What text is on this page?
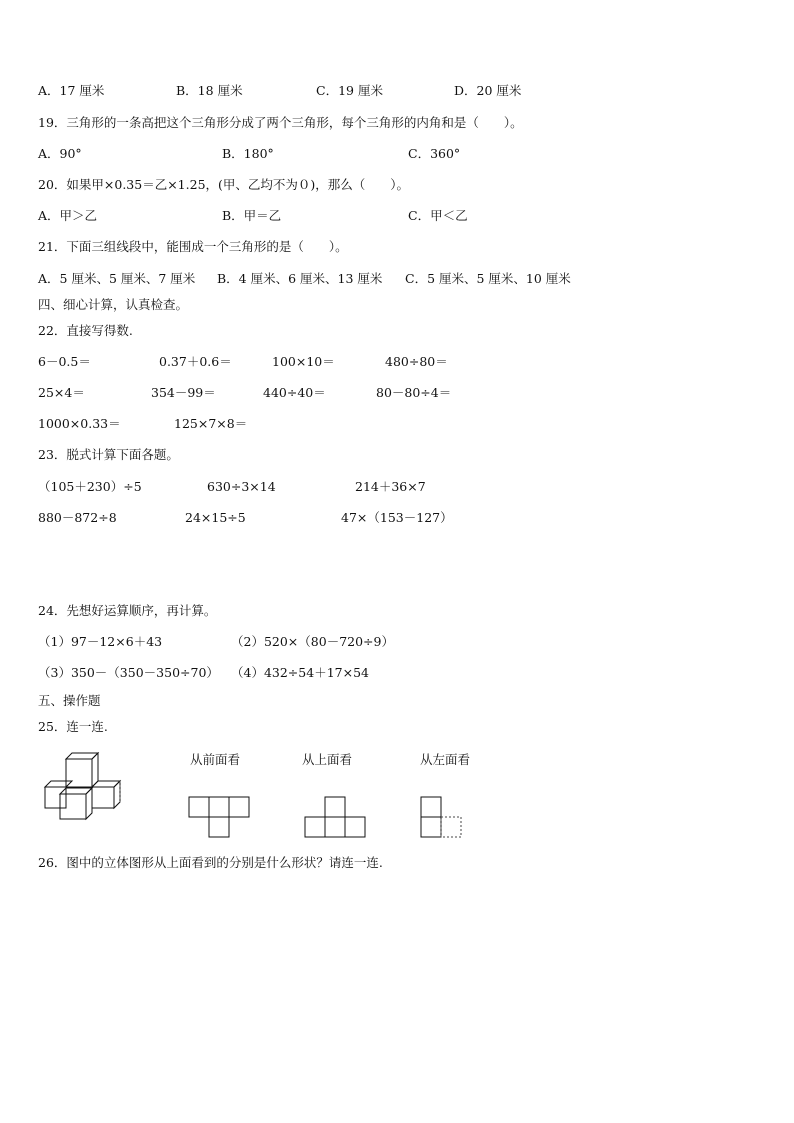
A．17 厘米	B．18 厘米	C．19 厘米	D．20 厘米
19．三角形的一条高把这个三角形分成了两个三角形，每个三角形的内角和是（　　）。
A．90°	B．180°	C．360°
20．如果甲×0.35＝乙×1.25，(甲、乙均不为０)，那么（　　）。
A．甲＞乙	B．甲＝乙	C．甲＜乙
21．下面三组线段中，能围成一个三角形的是（　　）。
A．5 厘米、5 厘米、7 厘米 B．4 厘米、6 厘米、13 厘米 C．5 厘米、5 厘米、10 厘米
四、细心计算，认真检查。
22．直接写得数.
6－0.5＝	0.37＋0.6＝	100×10＝	480÷80＝
25×4＝	354－99＝	440÷40＝	80－80÷4＝
1000×0.33＝	125×7×8＝
23．脱式计算下面各题。
（105＋230）÷5	630÷3×14	214＋36×7
880－872÷8	24×15÷5	47×（153－127）
24．先想好运算顺序，再计算。
（1）97－12×6＋43	（2）520×（80－720÷9）
（3）350－（350－350÷70） （4）432÷54＋17×54
五、操作题
25．连一连.
从前面看	从上面看	从左面看
26．图中的立体图形从上面看到的分别是什么形状？请连一连.
